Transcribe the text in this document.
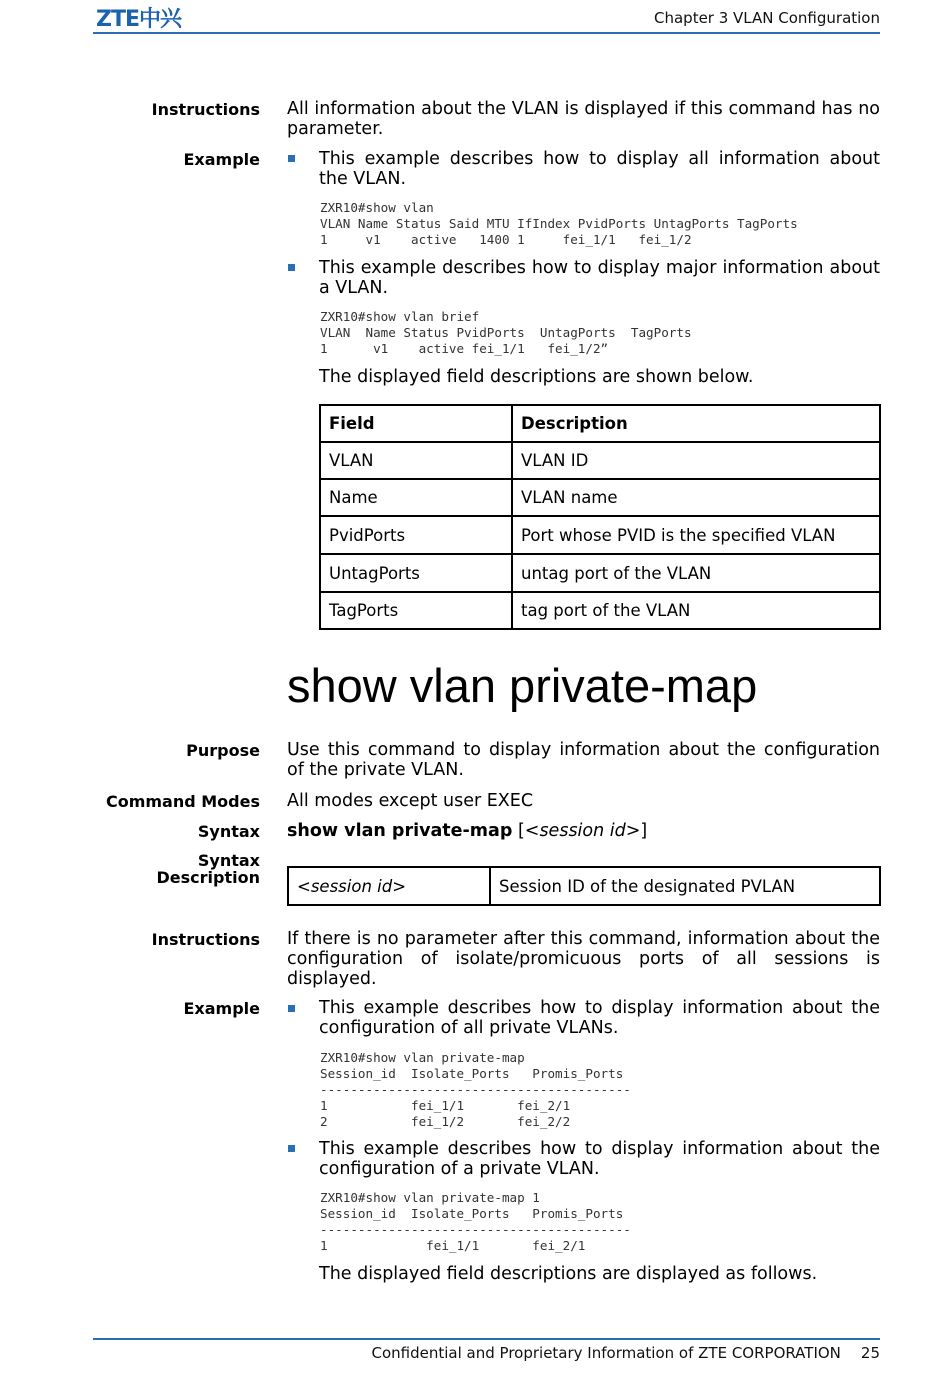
ZTE中兴	Chapter 3 VLAN Configuration
Instructions All information about the VLAN is displayed if this command has no parameter.
Example	This example describes how to display all information about the VLAN.
ZXR10#show vlan
VLAN Name Status Said MTU IfIndex PvidPorts UntagPorts TagPorts
1     v1    active   1400 1     fei_1/1   fei_1/2
This example describes how to display major information about a VLAN.
ZXR10#show vlan brief
VLAN  Name Status PvidPorts  UntagPorts  TagPorts
1      v1    active fei_1/1   fei_1/2”
The displayed field descriptions are shown below.
Field	Description
VLAN	VLAN ID
Name	VLAN name
PvidPorts	Port whose PVID is the specified VLAN
UntagPorts	untag port of the VLAN
TagPorts	tag port of the VLAN
show vlan private-map
Purpose Use this command to display information about the configuration of the private VLAN.
Command Modes All modes except user EXEC
Syntax show vlan private-map [<session id>]
Syntax
Description <session id>	Session ID of the designated PVLAN
Instructions If there is no parameter after this command, information about the configuration of isolate/promicuous ports of all sessions is displayed.
Example	This example describes how to display information about the configuration of all private VLANs.
ZXR10#show vlan private-map
Session_id  Isolate_Ports   Promis_Ports
-----------------------------------------
1           fei_1/1       fei_2/1
2           fei_1/2       fei_2/2
This example describes how to display information about the configuration of a private VLAN.
ZXR10#show vlan private-map 1
Session_id  Isolate_Ports   Promis_Ports
-----------------------------------------
1             fei_1/1       fei_2/1
The displayed field descriptions are displayed as follows.
Confidential and Proprietary Information of ZTE CORPORATION 25
